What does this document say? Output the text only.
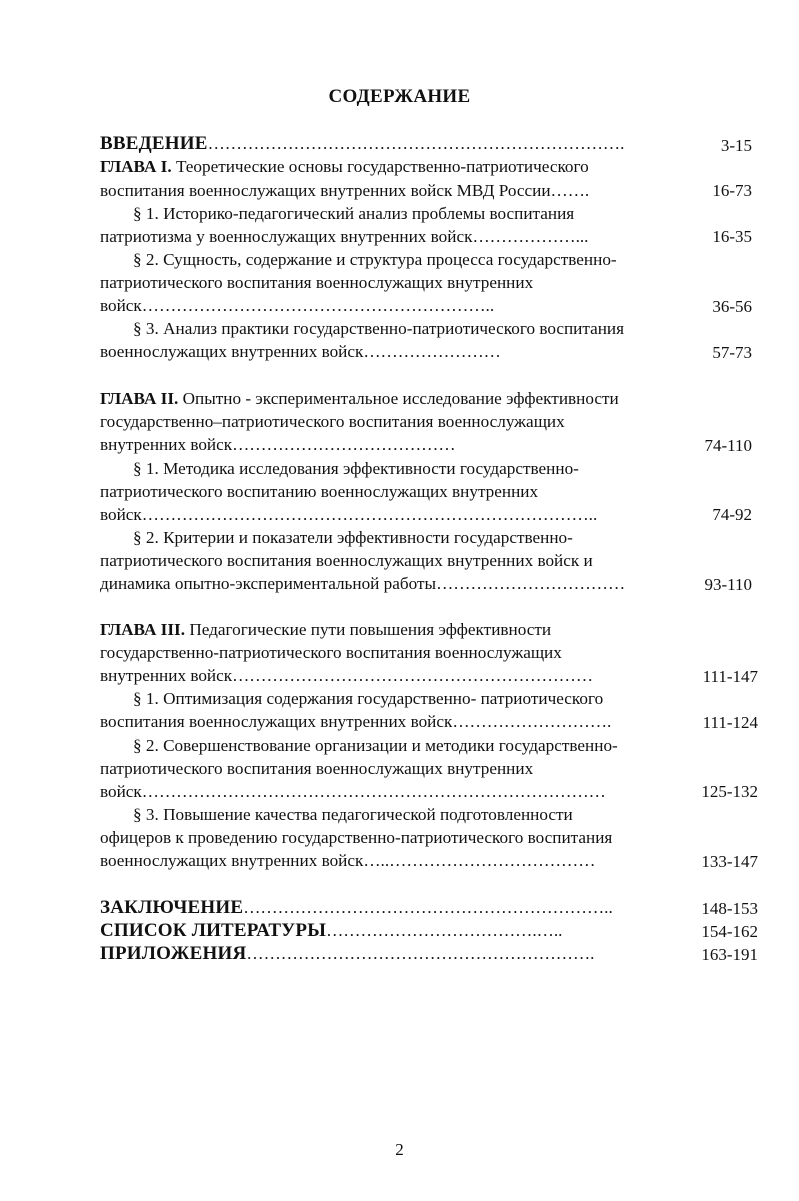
СОДЕРЖАНИЕ
ВВЕДЕНИЕ……………………………………………………………….	3-15
ГЛАВА I. Теоретические основы государственно-патриотического
воспитания военнослужащих внутренних войск МВД России…….	16-73
§ 1. Историко-педагогический анализ проблемы воспитания
патриотизма у военнослужащих внутренних войск………………...	16-35
§ 2. Сущность, содержание и структура процесса государственно-
патриотического воспитания военнослужащих внутренних
войск……………………………………………………..	36-56
§ 3. Анализ практики государственно-патриотического воспитания
военнослужащих внутренних войск……………………	57-73
ГЛАВА II. Опытно - экспериментальное исследование эффективности
государственно–патриотического воспитания военнослужащих
внутренних войск…………………………………	74-110
§ 1. Методика исследования эффективности государственно-
патриотического воспитанию военнослужащих внутренних
войск……………………………………………………………………..	74-92
§ 2. Критерии и показатели эффективности государственно-
патриотического воспитания военнослужащих внутренних войск и
динамика опытно-экспериментальной работы……………………………	93-110
ГЛАВА III. Педагогические пути повышения эффективности
государственно-патриотического воспитания военнослужащих
внутренних войск………………………………………………………	111-147
§ 1. Оптимизация содержания государственно- патриотического
воспитания военнослужащих внутренних войск……………………….	111-124
§ 2. Совершенствование организации и методики государственно-
патриотического воспитания военнослужащих внутренних
войск………………………………………………………………………	125-132
§ 3. Повышение качества педагогической подготовленности
офицеров к проведению государственно-патриотического воспитания
военнослужащих внутренних войск…..………………………………	133-147
ЗАКЛЮЧЕНИЕ………………………………………………………..	148-153
СПИСОК ЛИТЕРАТУРЫ……………………………….…..	154-162
ПРИЛОЖЕНИЯ…………………………………………………….	163-191
2
